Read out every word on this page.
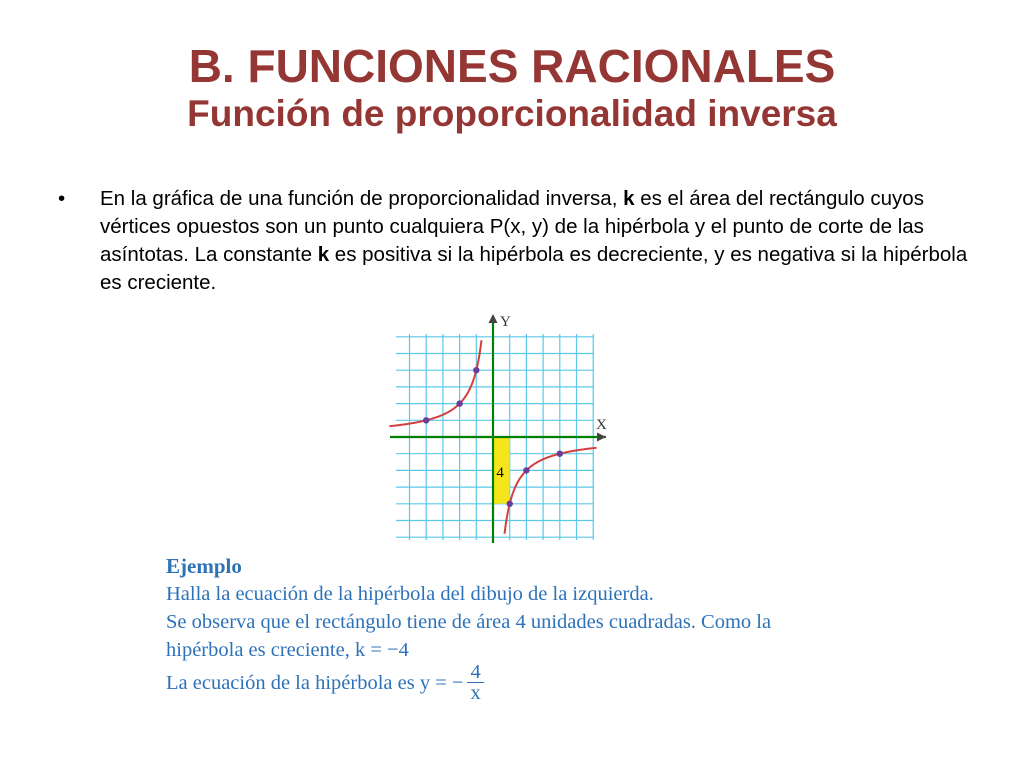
B. FUNCIONES RACIONALES
Función de proporcionalidad inversa
• En la gráfica de una función de proporcionalidad inversa, k es el área del rectángulo cuyos vértices opuestos son un punto cualquiera P(x, y) de la hipérbola y el punto de corte de las asíntotas. La constante k es positiva si la hipérbola es decreciente, y es negativa si la hipérbola es creciente.
4
X
Y
Ejemplo
Halla la ecuación de la hipérbola del dibujo de la izquierda.
Se observa que el rectángulo tiene de área 4 unidades cuadradas. Como la
hipérbola es creciente, k = −4
La ecuación de la hipérbola es y = − $\frac{4}{x}$
